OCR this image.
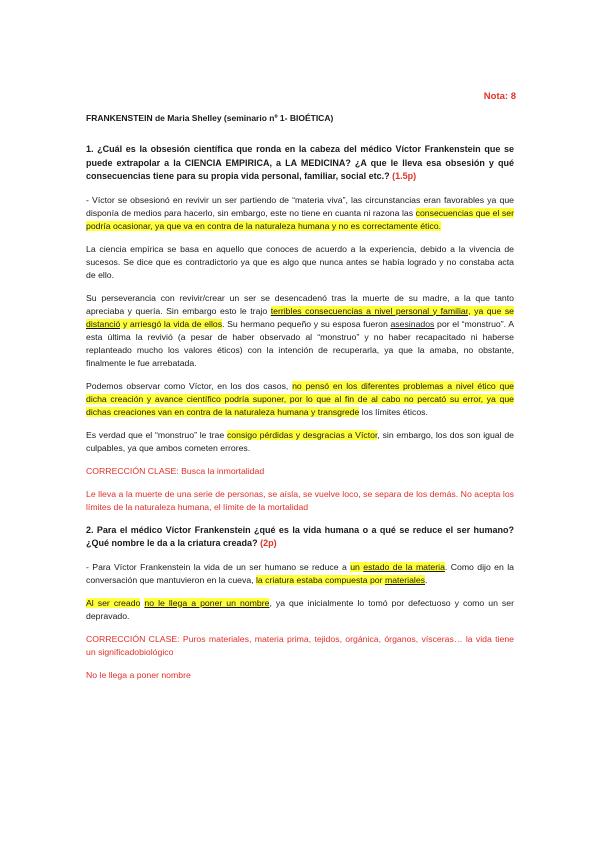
Nota: 8

FRANKENSTEIN de Maria Shelley (seminario nº 1- BIOÉTICA)

1. ¿Cuál es la obsesión científica que ronda en la cabeza del médico Víctor Frankenstein que se puede extrapolar a la CIENCIA EMPIRICA, a LA MEDICINA? ¿A que le lleva esa obsesión y qué consecuencias tiene para su propia vida personal, familiar, social etc.? (1.5p)

- Víctor se obsesionó en revivir un ser partiendo de “materia viva”, las circunstancias eran favorables ya que disponía de medios para hacerlo, sin embargo, este no tiene en cuanta ni razona las consecuencias que el ser podría ocasionar, ya que va en contra de la naturaleza humana y no es correctamente ético.

La ciencia empírica se basa en aquello que conoces de acuerdo a la experiencia, debido a la vivencia de sucesos. Se dice que es contradictorio ya que es algo que nunca antes se había logrado y no constaba acta de ello.

Su perseverancia con revivir/crear un ser se desencadenó tras la muerte de su madre, a la que tanto apreciaba y quería. Sin embargo esto le trajo terribles consecuencias a nivel personal y familiar, ya que se distanció y arriesgó la vida de ellos. Su hermano pequeño y su esposa fueron asesinados por el “monstruo”. A esta última la revivió (a pesar de haber observado al “monstruo” y no haber recapacitado ni haberse replanteado mucho los valores éticos) con la intención de recuperarla, ya que la amaba, no obstante, finalmente le fue arrebatada.

Podemos observar como Víctor, en los dos casos, no pensó en los diferentes problemas a nivel ético que dicha creación y avance científico podría suponer, por lo que al fin de al cabo no percató su error, ya que dichas creaciones van en contra de la naturaleza humana y transgrede los límites éticos.

Es verdad que el “monstruo” le trae consigo pérdidas y desgracias a Víctor, sin embargo, los dos son igual de culpables, ya que ambos cometen errores.

CORRECCIÓN CLASE: Busca la inmortalidad

Le lleva a la muerte de una serie de personas, se aísla, se vuelve loco, se separa de los demás. No acepta los límites de la naturaleza humana, el límite de la mortalidad

2. Para el médico Víctor Frankenstein ¿qué es la vida humana o a qué se reduce el ser humano? ¿Qué nombre le da a la criatura creada? (2p)

- Para Víctor Frankenstein la vida de un ser humano se reduce a un estado de la materia. Como dijo en la conversación que mantuvieron en la cueva, la criatura estaba compuesta por materiales.

Al ser creado no le llega a poner un nombre, ya que inicialmente lo tomó por defectuoso y como un ser depravado.

CORRECCIÓN CLASE: Puros materiales, materia prima, tejidos, orgánica, órganos, vísceras… la vida tiene un significadobiológico

No le llega a poner nombre
